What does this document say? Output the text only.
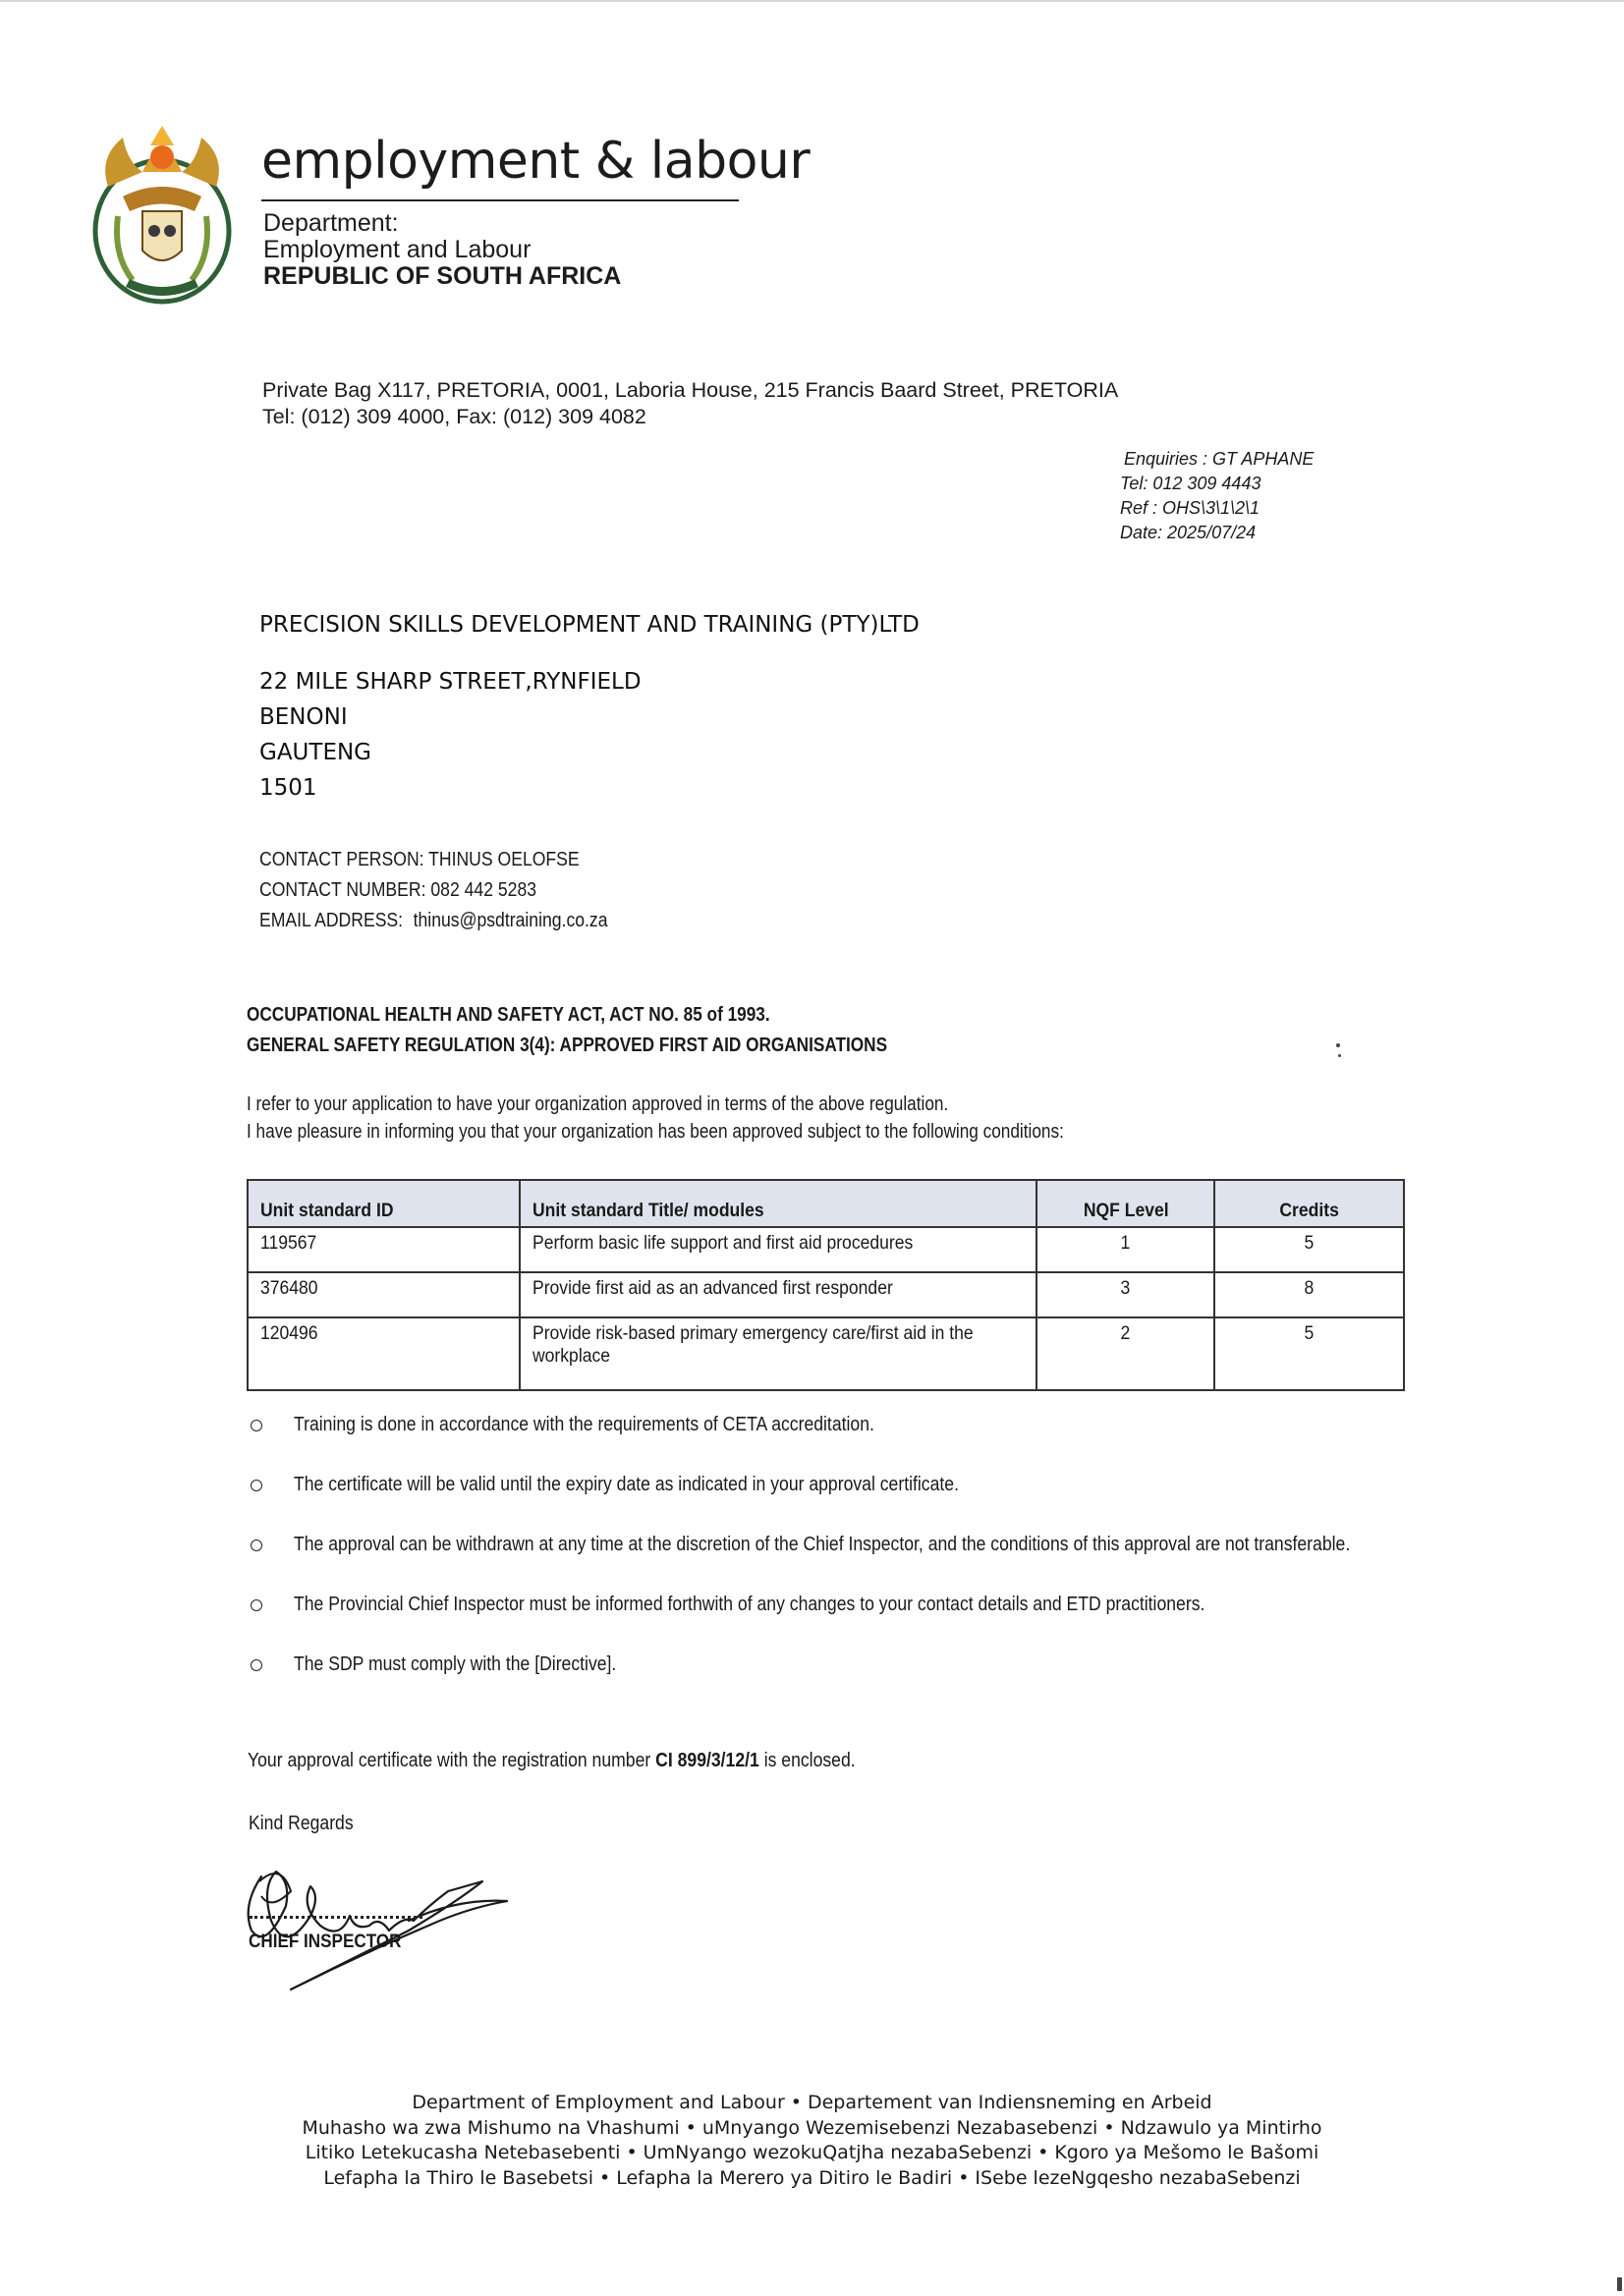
employment & labour
Department:
Employment and Labour
REPUBLIC OF SOUTH AFRICA
Private Bag X117, PRETORIA, 0001, Laboria House, 215 Francis Baard Street, PRETORIA
Tel: (012) 309 4000, Fax: (012) 309 4082
Enquiries : GT APHANE
Tel: 012 309 4443
Ref : OHS\3\1\2\1
Date: 2025/07/24
PRECISION SKILLS DEVELOPMENT AND TRAINING (PTY)LTD
22 MILE SHARP STREET,RYNFIELD
BENONI
GAUTENG
1501
CONTACT PERSON: THINUS OELOFSE
CONTACT NUMBER: 082 442 5283
EMAIL ADDRESS: thinus@psdtraining.co.za
OCCUPATIONAL HEALTH AND SAFETY ACT, ACT NO. 85 of 1993.
GENERAL SAFETY REGULATION 3(4): APPROVED FIRST AID ORGANISATIONS
I refer to your application to have your organization approved in terms of the above regulation.
I have pleasure in informing you that your organization has been approved subject to the following conditions:
Unit standard ID	Unit standard Title/ modules	NQF Level	Credits
119567	Perform basic life support and first aid procedures	1	5
376480	Provide first aid as an advanced first responder	3	8
120496	Provide risk-based primary emergency care/first aid in the workplace	2	5
Training is done in accordance with the requirements of CETA accreditation.
The certificate will be valid until the expiry date as indicated in your approval certificate.
The approval can be withdrawn at any time at the discretion of the Chief Inspector, and the conditions of this approval are not transferable.
The Provincial Chief Inspector must be informed forthwith of any changes to your contact details and ETD practitioners.
The SDP must comply with the [Directive].
Your approval certificate with the registration number CI 899/3/12/1 is enclosed.
Kind Regards
CHIEF INSPECTOR
Department of Employment and Labour • Departement van Indiensneming en Arbeid
Muhasho wa zwa Mishumo na Vhashumi • uMnyango Wezemisebenzi Nezabasebenzi • Ndzawulo ya Mintirho
Litiko Letekucasha Netebasebenti • UmNyango wezokuQatjha nezabaSebenzi • Kgoro ya Mešomo le Bašomi
Lefapha la Thiro le Basebetsi • Lefapha la Merero ya Ditiro le Badiri • ISebe lezeNgqesho nezabaSebenzi
